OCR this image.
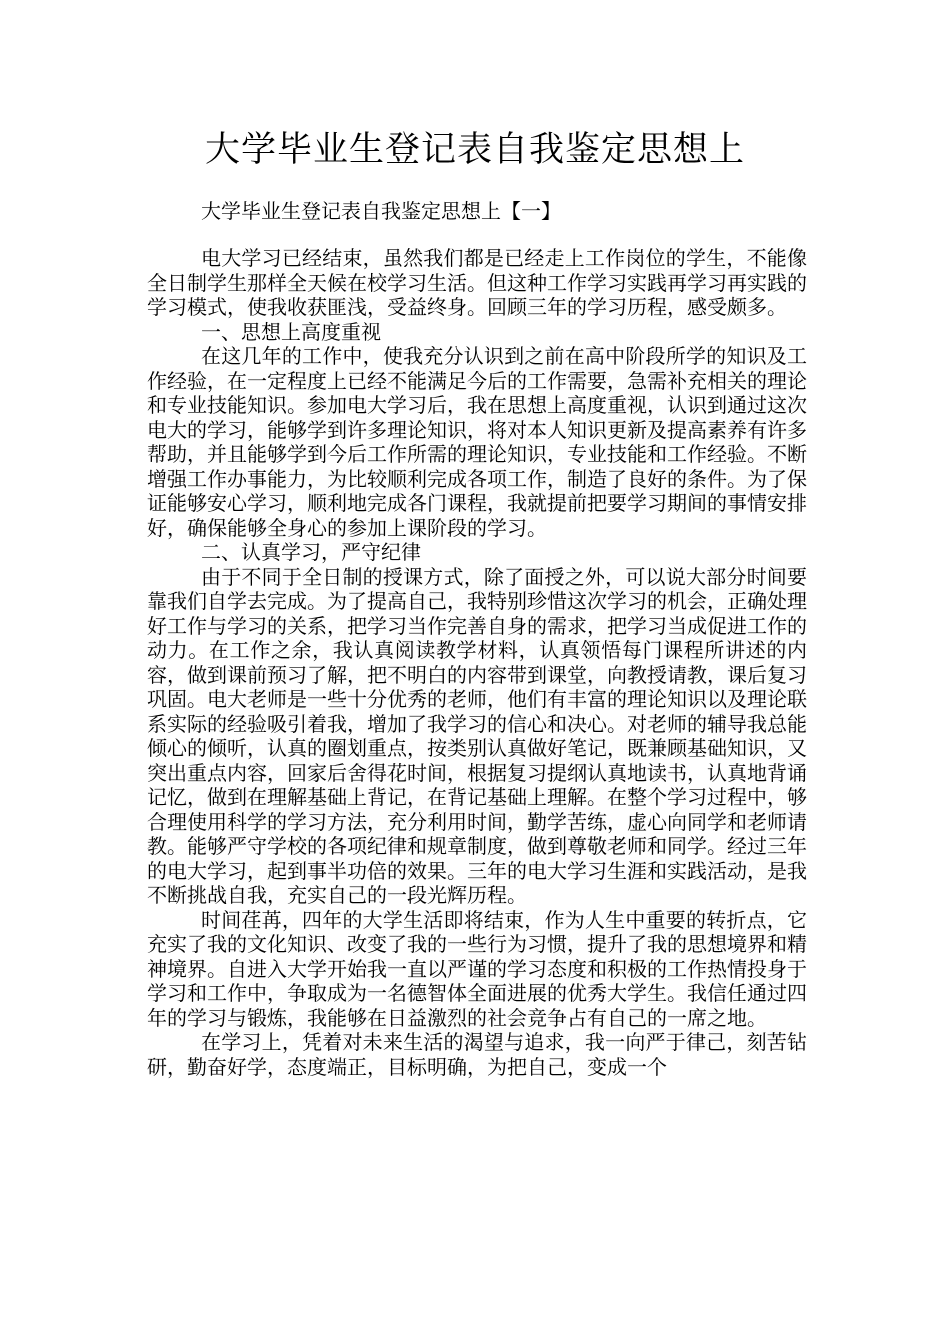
大学毕业生登记表自我鉴定思想上
大学毕业生登记表自我鉴定思想上【一】

电大学习已经结束，虽然我们都是已经走上工作岗位的学生，不能像全日制学生那样全天候在校学习生活。但这种工作学习实践再学习再实践的学习模式，使我收获匪浅，受益终身。回顾三年的学习历程，感受颇多。

一、思想上高度重视

在这几年的工作中，使我充分认识到之前在高中阶段所学的知识及工作经验，在一定程度上已经不能满足今后的工作需要，急需补充相关的理论和专业技能知识。参加电大学习后，我在思想上高度重视，认识到通过这次电大的学习，能够学到许多理论知识，将对本人知识更新及提高素养有许多帮助，并且能够学到今后工作所需的理论知识，专业技能和工作经验。不断增强工作办事能力，为比较顺利完成各项工作，制造了良好的条件。为了保证能够安心学习，顺利地完成各门课程，我就提前把要学习期间的事情安排好，确保能够全身心的参加上课阶段的学习。

二、认真学习，严守纪律

由于不同于全日制的授课方式，除了面授之外，可以说大部分时间要靠我们自学去完成。为了提高自己，我特别珍惜这次学习的机会，正确处理好工作与学习的关系，把学习当作完善自身的需求，把学习当成促进工作的动力。在工作之余，我认真阅读教学材料，认真领悟每门课程所讲述的内容，做到课前预习了解，把不明白的内容带到课堂，向教授请教，课后复习巩固。电大老师是一些十分优秀的老师，他们有丰富的理论知识以及理论联系实际的经验吸引着我，增加了我学习的信心和决心。对老师的辅导我总能倾心的倾听，认真的圈划重点，按类别认真做好笔记，既兼顾基础知识，又突出重点内容，回家后舍得花时间，根据复习提纲认真地读书，认真地背诵记忆，做到在理解基础上背记，在背记基础上理解。在整个学习过程中，够合理使用科学的学习方法，充分利用时间，勤学苦练，虚心向同学和老师请教。能够严守学校的各项纪律和规章制度，做到尊敬老师和同学。经过三年的电大学习，起到事半功倍的效果。三年的电大学习生涯和实践活动，是我不断挑战自我，充实自己的一段光辉历程。

时间荏苒，四年的大学生活即将结束，作为人生中重要的转折点，它充实了我的文化知识、改变了我的一些行为习惯，提升了我的思想境界和精神境界。自进入大学开始我一直以严谨的学习态度和积极的工作热情投身于学习和工作中，争取成为一名德智体全面进展的优秀大学生。我信任通过四年的学习与锻炼，我能够在日益激烈的社会竞争占有自己的一席之地。

在学习上，凭着对未来生活的渴望与追求，我一向严于律己，刻苦钻研，勤奋好学，态度端正，目标明确，为把自己，变成一个
